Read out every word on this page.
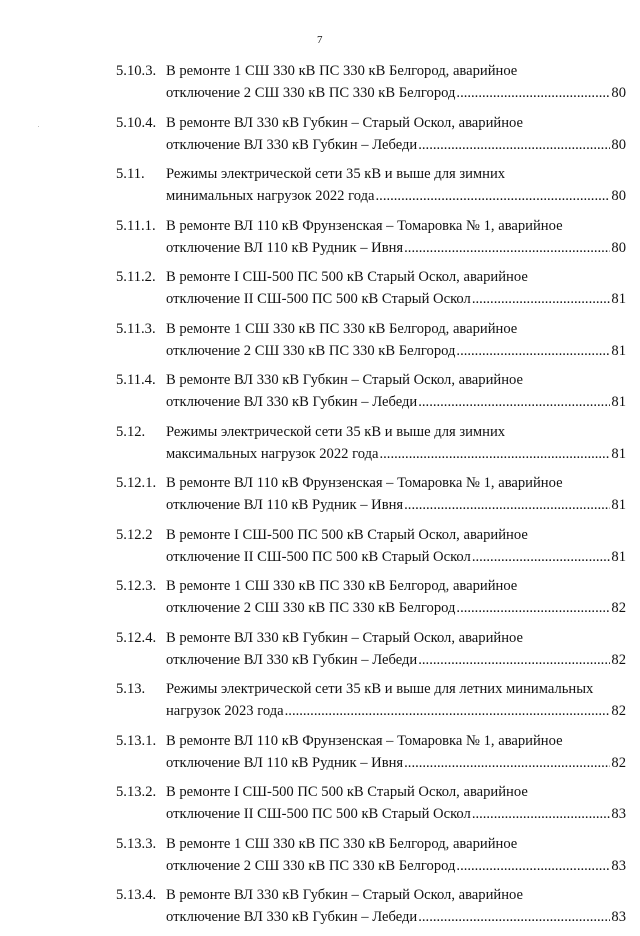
7
5.10.3. В ремонте 1 СШ 330 кВ ПС 330 кВ Белгород, аварийное
отключение 2 СШ 330 кВ ПС 330 кВ Белгород .....	80
5.10.4. В ремонте ВЛ 330 кВ Губкин – Старый Оскол, аварийное
отключение ВЛ 330 кВ Губкин – Лебеди .....	80
5.11. Режимы электрической сети 35 кВ и выше для зимних
минимальных нагрузок 2022 года .....	80
5.11.1. В ремонте ВЛ 110 кВ Фрунзенская – Томаровка № 1, аварийное
отключение ВЛ 110 кВ Рудник – Ивня .....	80
5.11.2. В ремонте I СШ-500 ПС 500 кВ Старый Оскол, аварийное
отключение II СШ-500 ПС 500 кВ Старый Оскол .....	81
5.11.3. В ремонте 1 СШ 330 кВ ПС 330 кВ Белгород, аварийное
отключение 2 СШ 330 кВ ПС 330 кВ Белгород .....	81
5.11.4. В ремонте ВЛ 330 кВ Губкин – Старый Оскол, аварийное
отключение ВЛ 330 кВ Губкин – Лебеди .....	81
5.12. Режимы электрической сети 35 кВ и выше для зимних
максимальных нагрузок 2022 года .....	81
5.12.1. В ремонте ВЛ 110 кВ Фрунзенская – Томаровка № 1, аварийное
отключение ВЛ 110 кВ Рудник – Ивня .....	81
5.12.2 В ремонте I СШ-500 ПС 500 кВ Старый Оскол, аварийное
отключение II СШ-500 ПС 500 кВ Старый Оскол .....	81
5.12.3. В ремонте 1 СШ 330 кВ ПС 330 кВ Белгород, аварийное
отключение 2 СШ 330 кВ ПС 330 кВ Белгород .....	82
5.12.4. В ремонте ВЛ 330 кВ Губкин – Старый Оскол, аварийное
отключение ВЛ 330 кВ Губкин – Лебеди .....	82
5.13. Режимы электрической сети 35 кВ и выше для летних минимальных
нагрузок 2023 года .....	82
5.13.1. В ремонте ВЛ 110 кВ Фрунзенская – Томаровка № 1, аварийное
отключение ВЛ 110 кВ Рудник – Ивня .....	82
5.13.2. В ремонте I СШ-500 ПС 500 кВ Старый Оскол, аварийное
отключение II СШ-500 ПС 500 кВ Старый Оскол .....	83
5.13.3. В ремонте 1 СШ 330 кВ ПС 330 кВ Белгород, аварийное
отключение 2 СШ 330 кВ ПС 330 кВ Белгород .....	83
5.13.4. В ремонте ВЛ 330 кВ Губкин – Старый Оскол, аварийное
отключение ВЛ 330 кВ Губкин – Лебеди .....	83
